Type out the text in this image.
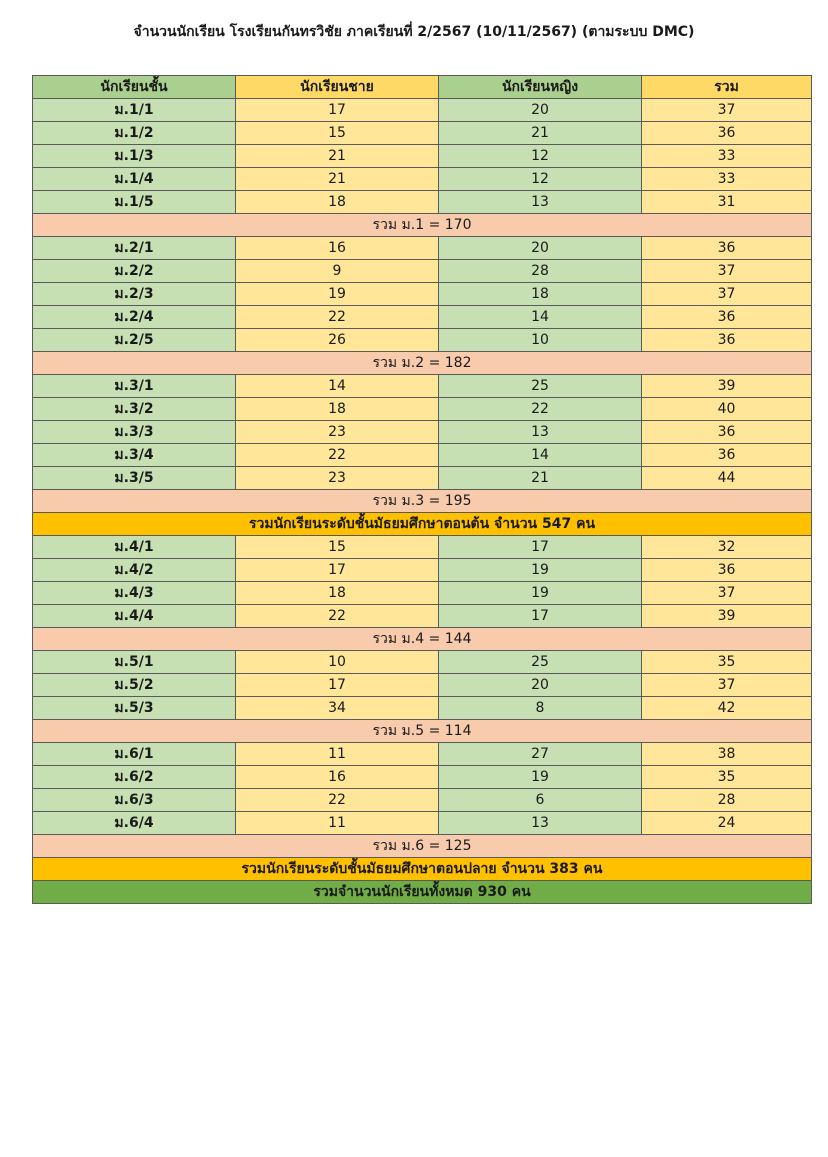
จำนวนนักเรียน โรงเรียนกันทรวิชัย ภาคเรียนที่ 2/2567 (10/11/2567) (ตามระบบ DMC)
นักเรียนชั้น	นักเรียนชาย	นักเรียนหญิง	รวม
ม.1/1	17	20	37
ม.1/2	15	21	36
ม.1/3	21	12	33
ม.1/4	21	12	33
ม.1/5	18	13	31
รวม ม.1 = 170			
ม.2/1	16	20	36
ม.2/2	9	28	37
ม.2/3	19	18	37
ม.2/4	22	14	36
ม.2/5	26	10	36
รวม ม.2 = 182			
ม.3/1	14	25	39
ม.3/2	18	22	40
ม.3/3	23	13	36
ม.3/4	22	14	36
ม.3/5	23	21	44
รวม ม.3 = 195			
รวมนักเรียนระดับชั้นมัธยมศึกษาตอนต้น จำนวน 547 คน			
ม.4/1	15	17	32
ม.4/2	17	19	36
ม.4/3	18	19	37
ม.4/4	22	17	39
รวม ม.4 = 144			
ม.5/1	10	25	35
ม.5/2	17	20	37
ม.5/3	34	8	42
รวม ม.5 = 114			
ม.6/1	11	27	38
ม.6/2	16	19	35
ม.6/3	22	6	28
ม.6/4	11	13	24
รวม ม.6 = 125			
รวมนักเรียนระดับชั้นมัธยมศึกษาตอนปลาย จำนวน 383 คน			
รวมจำนวนนักเรียนทั้งหมด 930 คน			
